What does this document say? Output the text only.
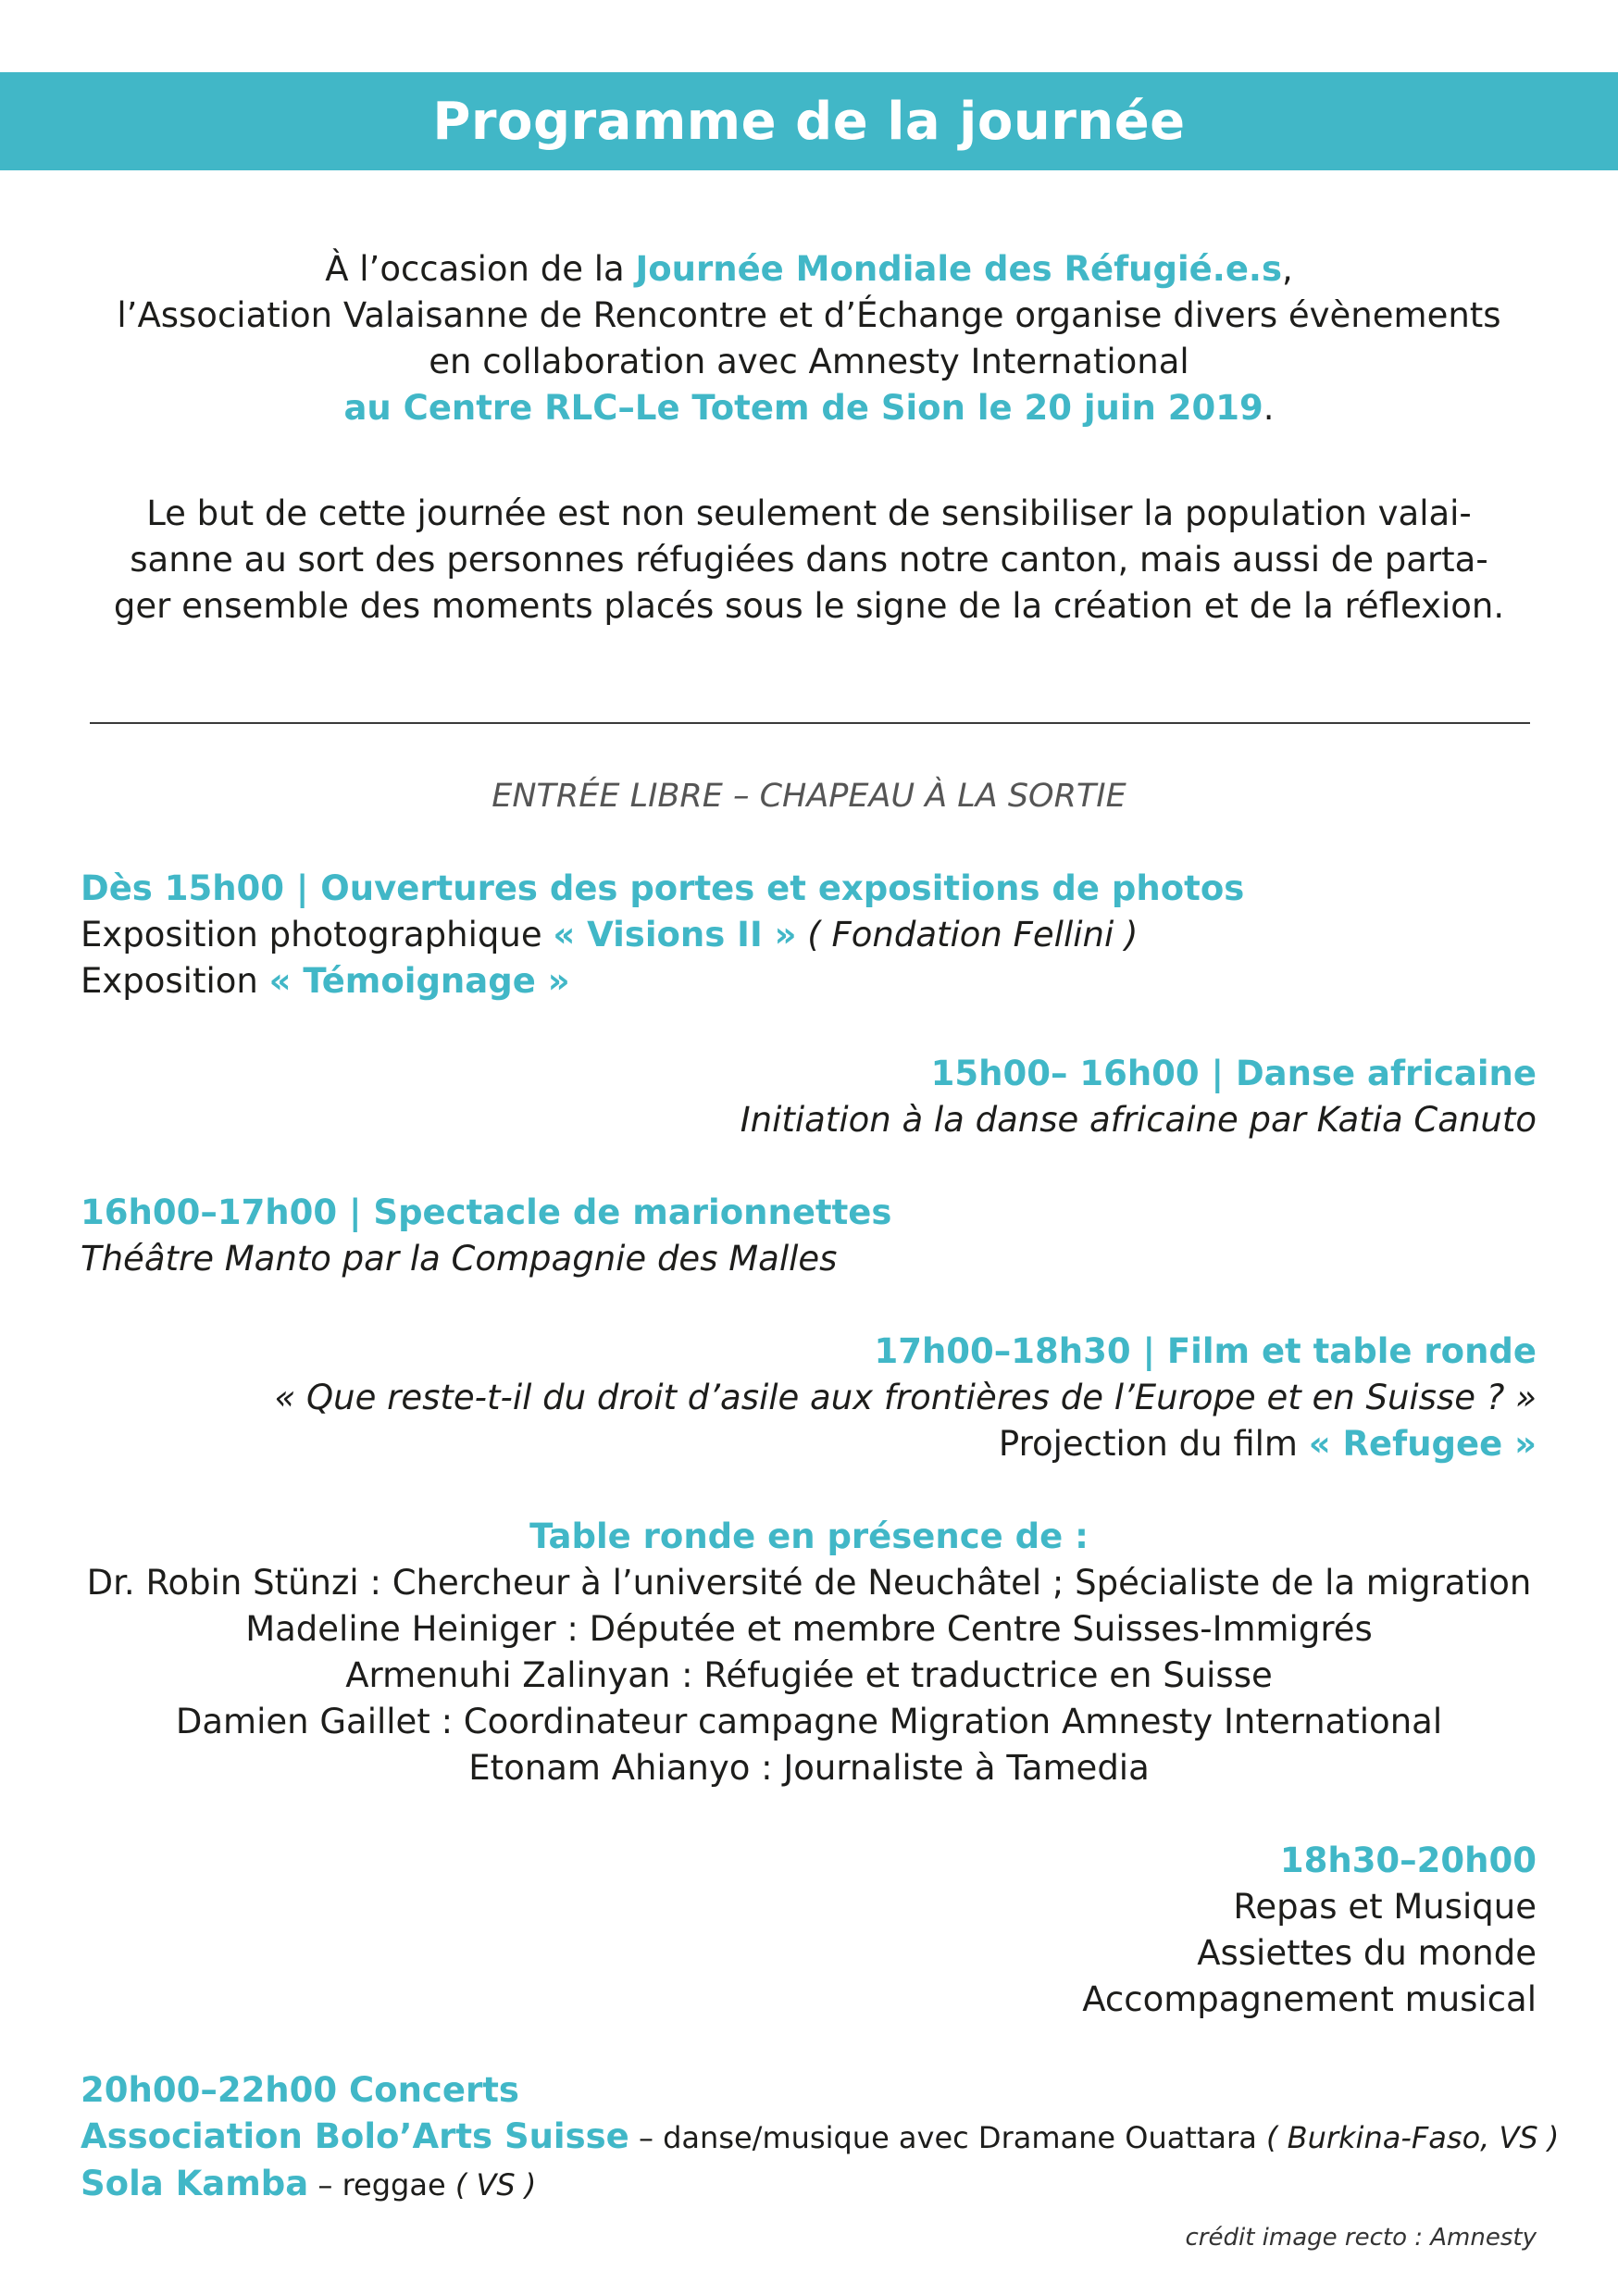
Programme de la journée
À l’occasion de la Journée Mondiale des Réfugié.e.s,
l’Association Valaisanne de Rencontre et d’Échange organise divers évènements
en collaboration avec Amnesty International
au Centre RLC–Le Totem de Sion le 20 juin 2019.
Le but de cette journée est non seulement de sensibiliser la population valai-
sanne au sort des personnes réfugiées dans notre canton, mais aussi de parta-
ger ensemble des moments placés sous le signe de la création et de la réflexion.
ENTRÉE LIBRE – CHAPEAU À LA SORTIE
Dès 15h00 | Ouvertures des portes et expositions de photos
Exposition photographique « Visions II » ( Fondation Fellini )
Exposition « Témoignage »
15h00– 16h00 | Danse africaine
Initiation à la danse africaine par Katia Canuto
16h00–17h00 | Spectacle de marionnettes
Théâtre Manto par la Compagnie des Malles
17h00–18h30 | Film et table ronde
« Que reste-t-il du droit d’asile aux frontières de l’Europe et en Suisse ? »
Projection du film « Refugee »
Table ronde en présence de :
Dr. Robin Stünzi : Chercheur à l’université de Neuchâtel ; Spécialiste de la migration
Madeline Heiniger : Députée et membre Centre Suisses-Immigrés
Armenuhi Zalinyan : Réfugiée et traductrice en Suisse
Damien Gaillet : Coordinateur campagne Migration Amnesty International
Etonam Ahianyo : Journaliste à Tamedia
18h30–20h00
Repas et Musique
Assiettes du monde
Accompagnement musical
20h00–22h00 Concerts
Association Bolo’Arts Suisse – danse/musique avec Dramane Ouattara ( Burkina-Faso, VS )
Sola Kamba – reggae ( VS )
crédit image recto : Amnesty
